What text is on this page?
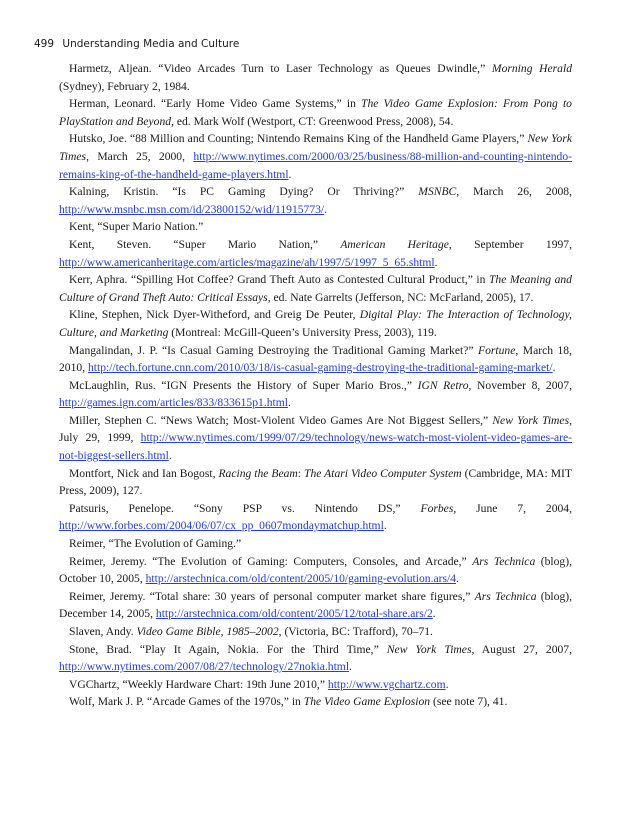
499 Understanding Media and Culture

Harmetz, Aljean. “Video Arcades Turn to Laser Technology as Queues Dwindle,” Morning Herald (Sydney), February 2, 1984.

Herman, Leonard. “Early Home Video Game Systems,” in The Video Game Explosion: From Pong to PlayStation and Beyond, ed. Mark Wolf (Westport, CT: Greenwood Press, 2008), 54.

Hutsko, Joe. “88 Million and Counting; Nintendo Remains King of the Handheld Game Players,” New York Times, March 25, 2000, http://www.nytimes.com/2000/03/25/business/88-million-and-counting-nintendo-remains-king-of-the-handheld-game-players.html.

Kalning, Kristin. “Is PC Gaming Dying? Or Thriving?” MSNBC, March 26, 2008, http://www.msnbc.msn.com/id/23800152/wid/11915773/.

Kent, “Super Mario Nation.”

Kent, Steven. “Super Mario Nation,” American Heritage, September 1997, http://www.americanheritage.com/articles/magazine/ah/1997/5/1997_5_65.shtml.

Kerr, Aphra. “Spilling Hot Coffee? Grand Theft Auto as Contested Cultural Product,” in The Meaning and Culture of Grand Theft Auto: Critical Essays, ed. Nate Garrelts (Jefferson, NC: McFarland, 2005), 17.

Kline, Stephen, Nick Dyer-Witheford, and Greig De Peuter, Digital Play: The Interaction of Technology, Culture, and Marketing (Montreal: McGill-Queen’s University Press, 2003), 119.

Mangalindan, J. P. “Is Casual Gaming Destroying the Traditional Gaming Market?” Fortune, March 18, 2010, http://tech.fortune.cnn.com/2010/03/18/is-casual-gaming-destroying-the-traditional-gaming-market/.

McLaughlin, Rus. “IGN Presents the History of Super Mario Bros.,” IGN Retro, November 8, 2007, http://games.ign.com/articles/833/833615p1.html.

Miller, Stephen C. “News Watch; Most-Violent Video Games Are Not Biggest Sellers,” New York Times, July 29, 1999, http://www.nytimes.com/1999/07/29/technology/news-watch-most-violent-video-games-are-not-biggest-sellers.html.

Montfort, Nick and Ian Bogost, Racing the Beam: The Atari Video Computer System (Cambridge, MA: MIT Press, 2009), 127.

Patsuris, Penelope. “Sony PSP vs. Nintendo DS,” Forbes, June 7, 2004, http://www.forbes.com/2004/06/07/cx_pp_0607mondaymatchup.html.

Reimer, “The Evolution of Gaming.”

Reimer, Jeremy. “The Evolution of Gaming: Computers, Consoles, and Arcade,” Ars Technica (blog), October 10, 2005, http://arstechnica.com/old/content/2005/10/gaming-evolution.ars/4.

Reimer, Jeremy. “Total share: 30 years of personal computer market share figures,” Ars Technica (blog), December 14, 2005, http://arstechnica.com/old/content/2005/12/total-share.ars/2.

Slaven, Andy. Video Game Bible, 1985–2002, (Victoria, BC: Trafford), 70–71.

Stone, Brad. “Play It Again, Nokia. For the Third Time,” New York Times, August 27, 2007, http://www.nytimes.com/2007/08/27/technology/27nokia.html.

VGChartz, “Weekly Hardware Chart: 19th June 2010,” http://www.vgchartz.com.

Wolf, Mark J. P. “Arcade Games of the 1970s,” in The Video Game Explosion (see note 7), 41.
